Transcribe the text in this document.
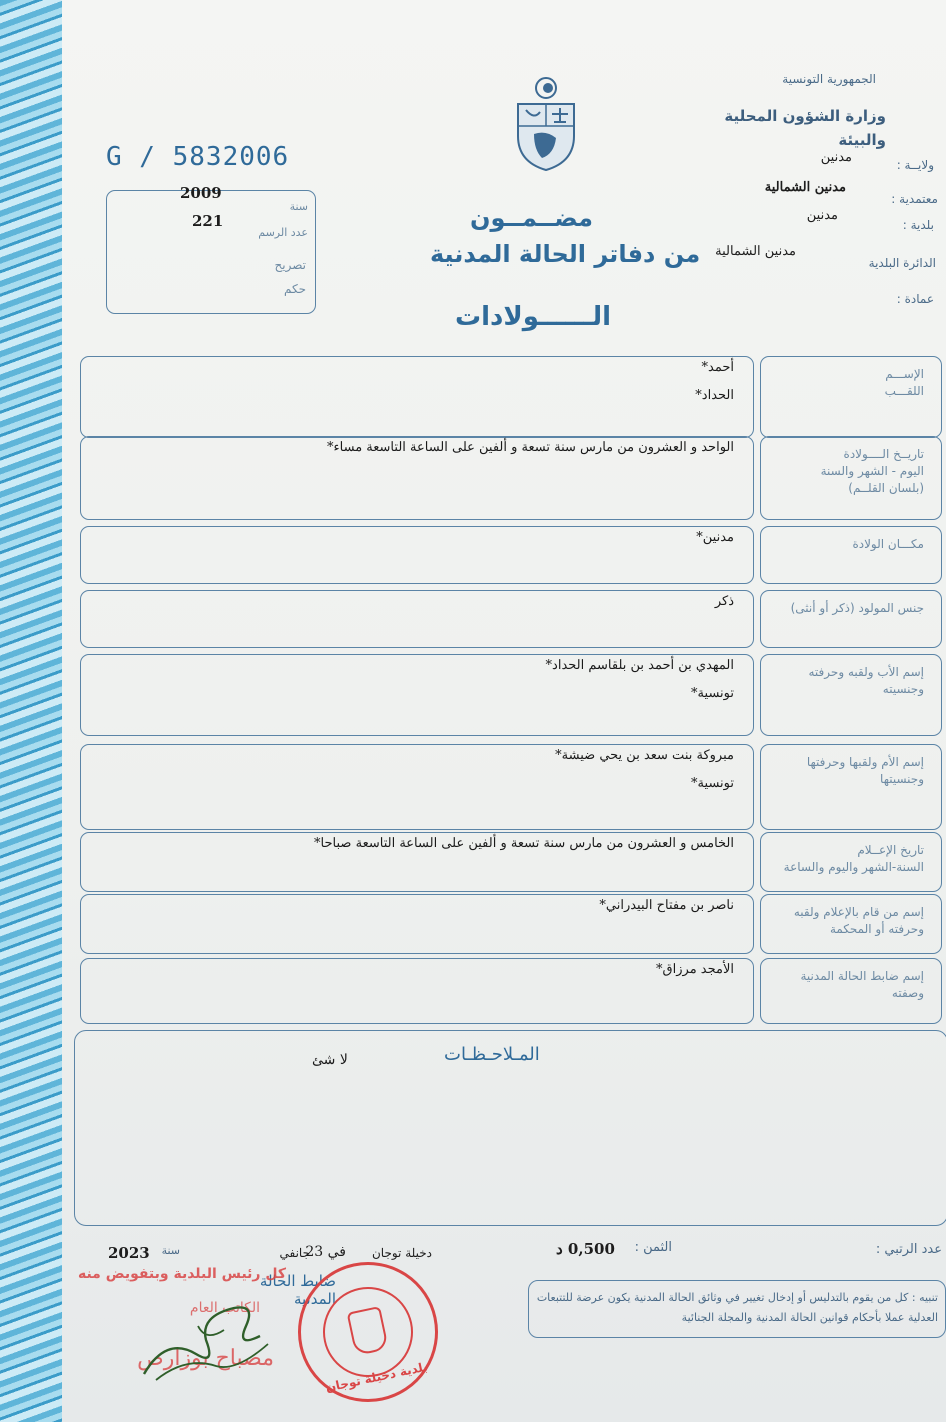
الجمهورية التونسية
وزارة الشؤون المحلية والبيئة
ولايــة :
مدنين
معتمدية :
مدنين الشمالية
بلدية :
مدنين
الدائرة البلدية
مدنين الشمالية
عمادة :
G / 5832006
2009
سنة
221
عدد الرسم
تصريح
حكم
مضــمــون
من دفاتر الحالة المدنية
الــــــولادات
الإســـم
اللقـــب
أحمد*
الحداد*
تاريــخ الــــولادة
اليوم - الشهر والسنة
(بلسان القلــم)
الواحد و العشرون من مارس سنة تسعة و ألفين على الساعة التاسعة مساء*
مكـــان الولادة
مدنين*
جنس المولود (ذكر أو أنثى)
ذكر
إسم الأب ولقبه وحرفته
وجنسيته
المهدي بن أحمد بن بلقاسم الحداد*
تونسية*
إسم الأم ولقبها وحرفتها
وجنسيتها
مبروكة بنت سعد بن يحي ضيشة*
تونسية*
تاريخ الإعــلام
السنة-الشهر واليوم والساعة
الخامس و العشرون من مارس سنة تسعة و ألفين على الساعة التاسعة صباحا*
إسم من قام بالإعلام ولقبه
وحرفته أو المحكمة
ناصر بن مفتاح البيدراني*
إسم ضابط الحالة المدنية
وصفته
الأمجد مرزاق*
المـلاحـظـات
لا شئ
عدد الرتبي :
الثمن :
0,500 د
دخيلة توجان
في 23
جانفي
سنة
2023
ضابط الحالة المدنية
كل رئيس البلدية وبتفويض منه
الكاتب العام
مصباح بوزارص
بلدية دخيلة توجان
تنبيه : كل من يقوم بالتدليس أو إدخال تغيير في وثائق الحالة المدنية يكون عرضة للتتبعات العدلية عملا بأحكام قوانين الحالة المدنية والمجلة الجنائية
